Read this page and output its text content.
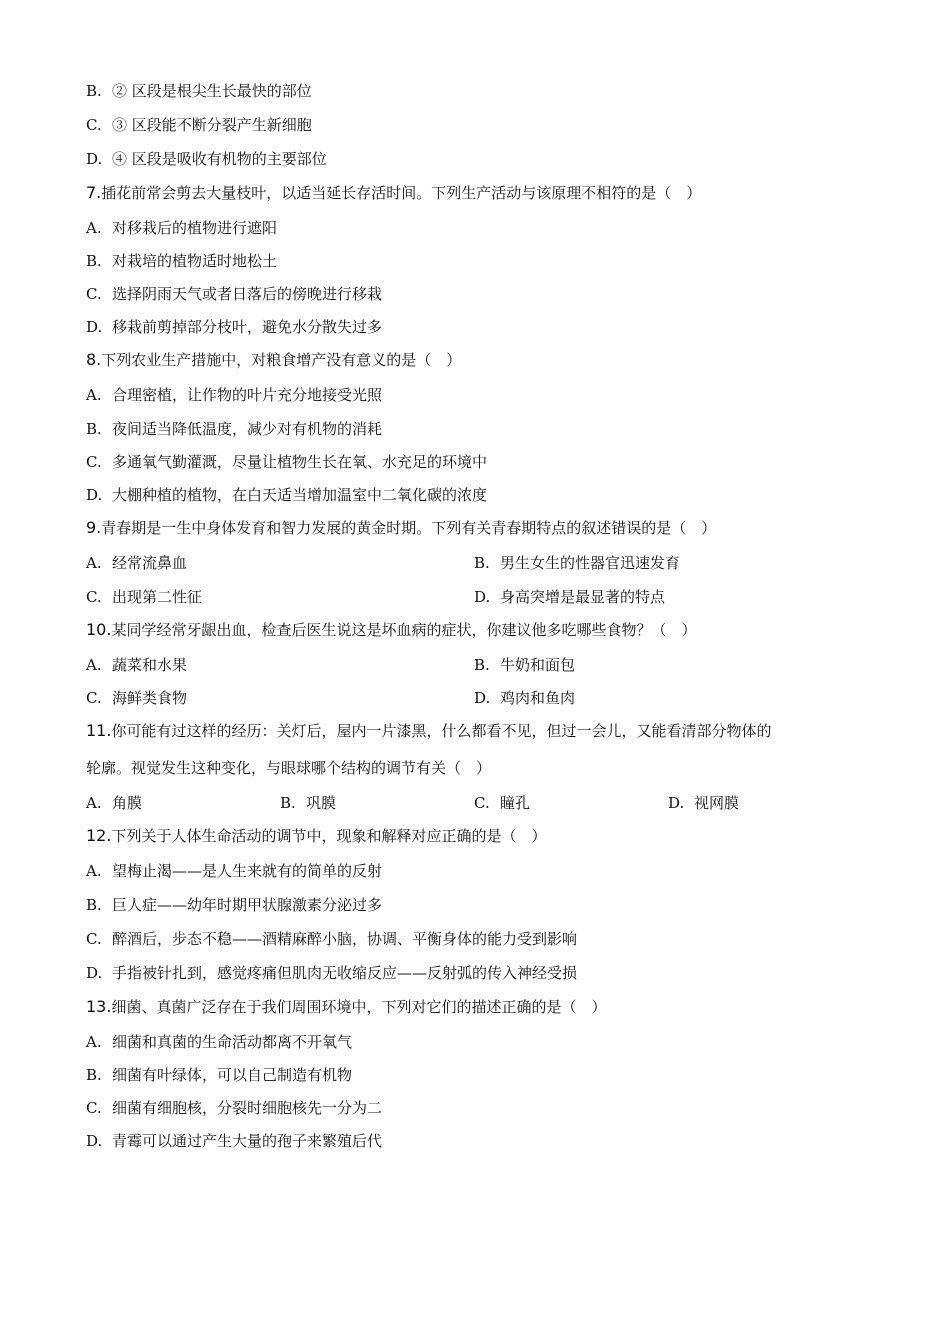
B. ② 区段是根尖生长最快的部位
C. ③ 区段能不断分裂产生新细胞
D. ④ 区段是吸收有机物的主要部位
7.插花前常会剪去大量枝叶，以适当延长存活时间。下列生产活动与该原理不相符的是（　）
A. 对移栽后的植物进行遮阳
B. 对栽培的植物适时地松土
C. 选择阴雨天气或者日落后的傍晚进行移栽
D. 移栽前剪掉部分枝叶，避免水分散失过多
8.下列农业生产措施中，对粮食增产没有意义的是（　）
A. 合理密植，让作物的叶片充分地接受光照
B. 夜间适当降低温度，减少对有机物的消耗
C. 多通氧气勤灌溉，尽量让植物生长在氧、水充足的环境中
D. 大棚种植的植物，在白天适当增加温室中二氧化碳的浓度
9.青春期是一生中身体发育和智力发展的黄金时期。下列有关青春期特点的叙述错误的是（　）
A. 经常流鼻血	B. 男生女生的性器官迅速发育
C. 出现第二性征	D. 身高突增是最显著的特点
10.某同学经常牙龈出血，检查后医生说这是坏血病的症状，你建议他多吃哪些食物？（　）
A. 蔬菜和水果	B. 牛奶和面包
C. 海鲜类食物	D. 鸡肉和鱼肉
11.你可能有过这样的经历：关灯后，屋内一片漆黑，什么都看不见，但过一会儿，又能看清部分物体的
轮廓。视觉发生这种变化，与眼球哪个结构的调节有关（　）
A. 角膜	B. 巩膜	C. 瞳孔	D. 视网膜
12.下列关于人体生命活动的调节中，现象和解释对应正确的是（　）
A. 望梅止渴——是人生来就有的简单的反射
B. 巨人症——幼年时期甲状腺激素分泌过多
C. 醉酒后，步态不稳——酒精麻醉小脑，协调、平衡身体的能力受到影响
D. 手指被针扎到，感觉疼痛但肌肉无收缩反应——反射弧的传入神经受损
13.细菌、真菌广泛存在于我们周围环境中，下列对它们的描述正确的是（　）
A. 细菌和真菌的生命活动都离不开氧气
B. 细菌有叶绿体，可以自己制造有机物
C. 细菌有细胞核，分裂时细胞核先一分为二
D. 青霉可以通过产生大量的孢子来繁殖后代
